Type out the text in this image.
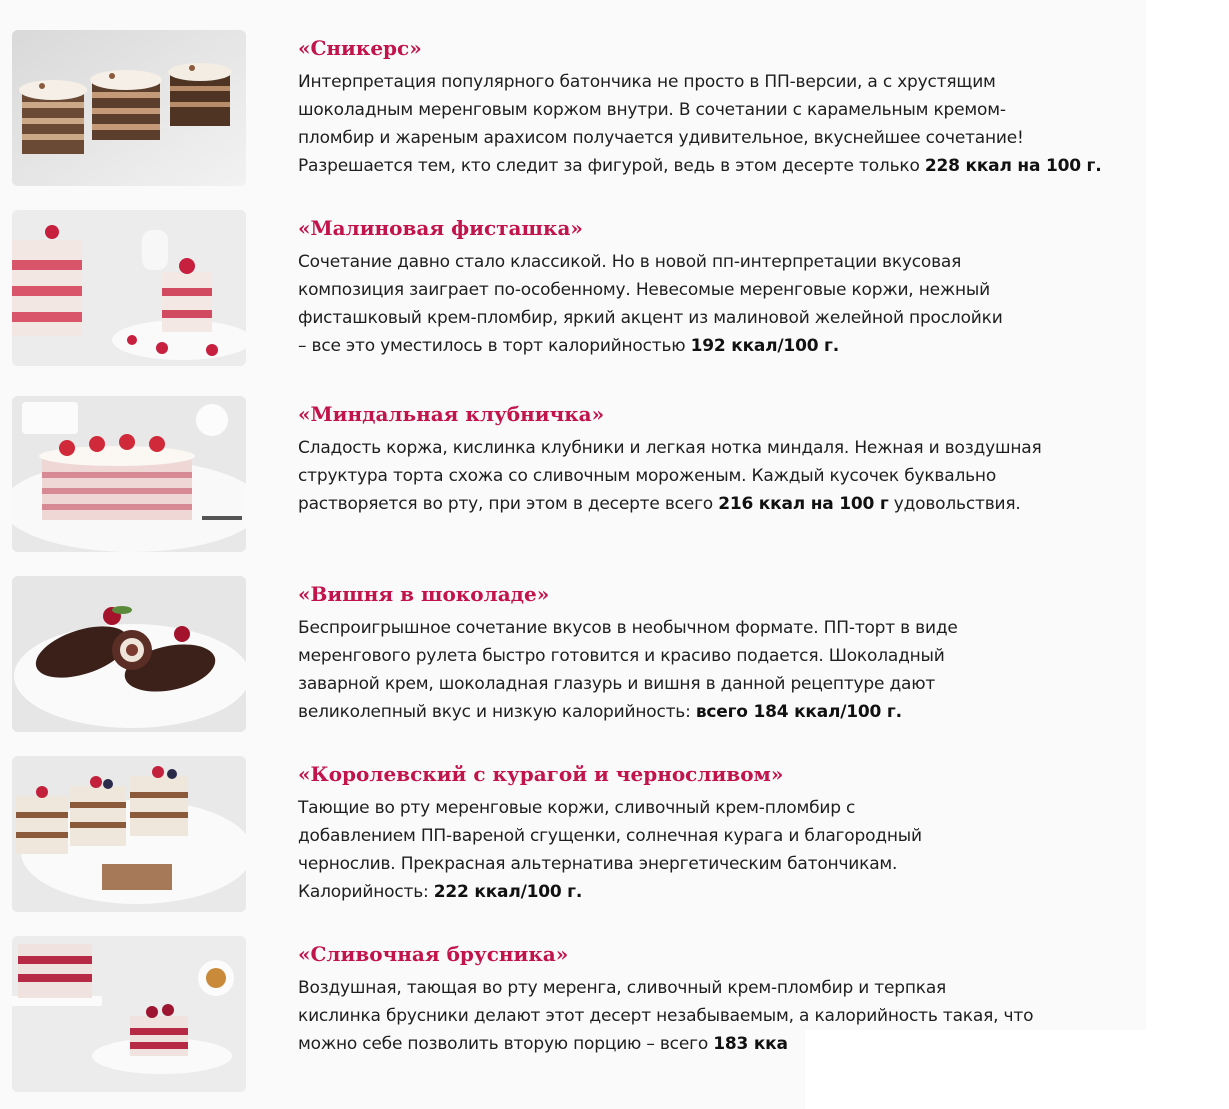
«Сникерс»

Интерпретация популярного батончика не просто в ПП-версии, а с хрустящим
шоколадным меренговым коржом внутри. В сочетании с карамельным кремом-
пломбир и жареным арахисом получается удивительное, вкуснейшее сочетание!
Разрешается тем, кто следит за фигурой, ведь в этом десерте только 228 ккал на 100 г.

«Малиновая фисташка»

Сочетание давно стало классикой. Но в новой пп-интерпретации вкусовая
композиция заиграет по-особенному. Невесомые меренговые коржи, нежный
фисташковый крем-пломбир, яркий акцент из малиновой желейной прослойки
– все это уместилось в торт калорийностью 192 ккал/100 г.

«Миндальная клубничка»

Сладость коржа, кислинка клубники и легкая нотка миндаля. Нежная и воздушная
структура торта схожа со сливочным мороженым. Каждый кусочек буквально
растворяется во рту, при этом в десерте всего 216 ккал на 100 г удовольствия.

«Вишня в шоколаде»

Беспроигрышное сочетание вкусов в необычном формате. ПП-торт в виде
меренгового рулета быстро готовится и красиво подается. Шоколадный
заварной крем, шоколадная глазурь и вишня в данной рецептуре дают
великолепный вкус и низкую калорийность: всего 184 ккал/100 г.

«Королевский с курагой и черносливом»

Тающие во рту меренговые коржи, сливочный крем-пломбир с
добавлением ПП-вареной сгущенки, солнечная курага и благородный
чернослив. Прекрасная альтернатива энергетическим батончикам.
Калорийность: 222 ккал/100 г.

«Сливочная брусника»

Воздушная, тающая во рту меренга, сливочный крем-пломбир и терпкая
кислинка брусники делают этот десерт незабываемым, а калорийность такая, что
можно себе позволить вторую порцию – всего 183 кка
